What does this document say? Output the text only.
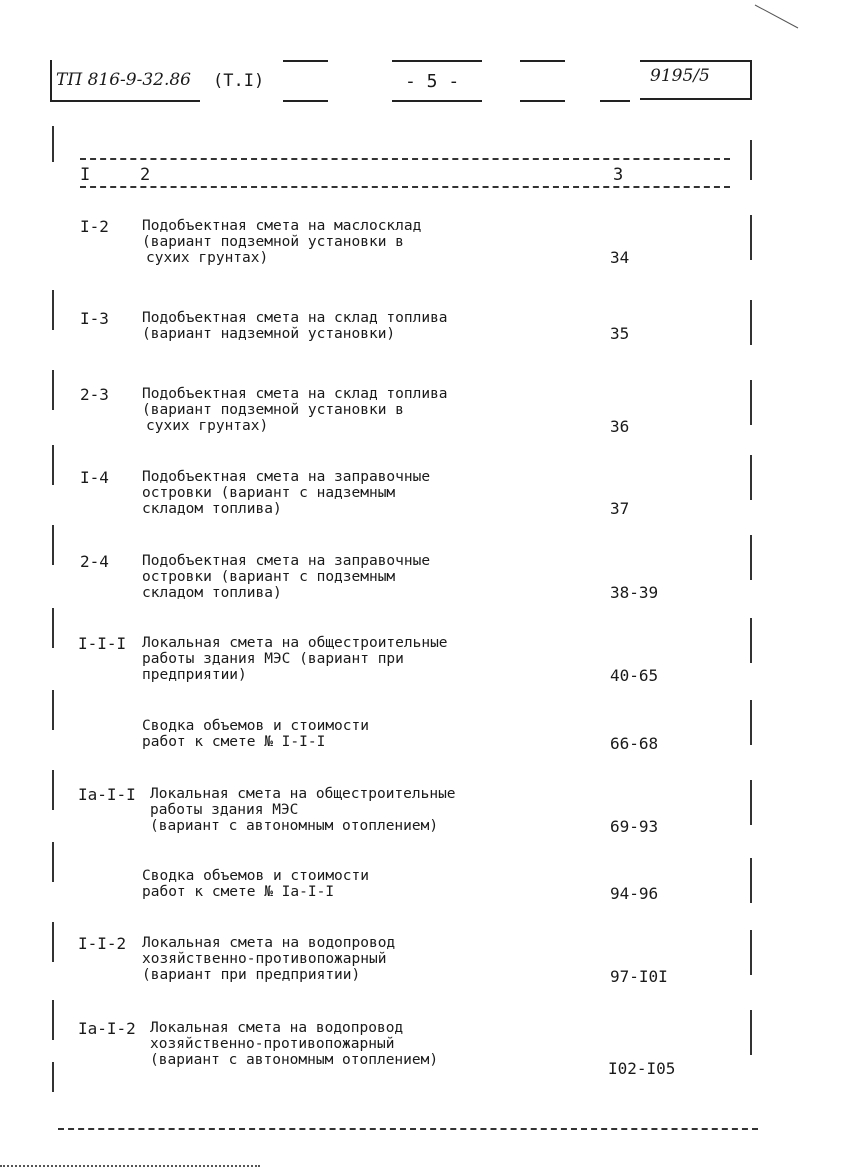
ТП 816-9-32.86 (Т.I)	- 5 -	9195/5
I	2	3
I-2 Подобъектная смета на маслосклад
(вариант подземной установки в
сухих грунтах)	34
I-3 Подобъектная смета на склад топлива
(вариант надземной установки)	35
2-3 Подобъектная смета на склад топлива
(вариант подземной установки в
сухих грунтах)	36
I-4 Подобъектная смета на заправочные
островки (вариант с надземным
складом топлива)	37
2-4 Подобъектная смета на заправочные
островки (вариант с подземным
складом топлива)	38-39
I-I-I Локальная смета на общестроительные
работы здания МЭС (вариант при
предприятии)	40-65
Сводка объемов и стоимости
работ к смете № I-I-I	66-68
Iа-I-I Локальная смета на общестроительные
работы здания МЭС
(вариант с автономным отоплением)	69-93
Сводка объемов и стоимости
работ к смете № Iа-I-I	94-96
I-I-2 Локальная смета на водопровод
хозяйственно-противопожарный
(вариант при предприятии)	97-I0I
Iа-I-2 Локальная смета на водопровод
хозяйственно-противопожарный
(вариант с автономным отоплением)	I02-I05
